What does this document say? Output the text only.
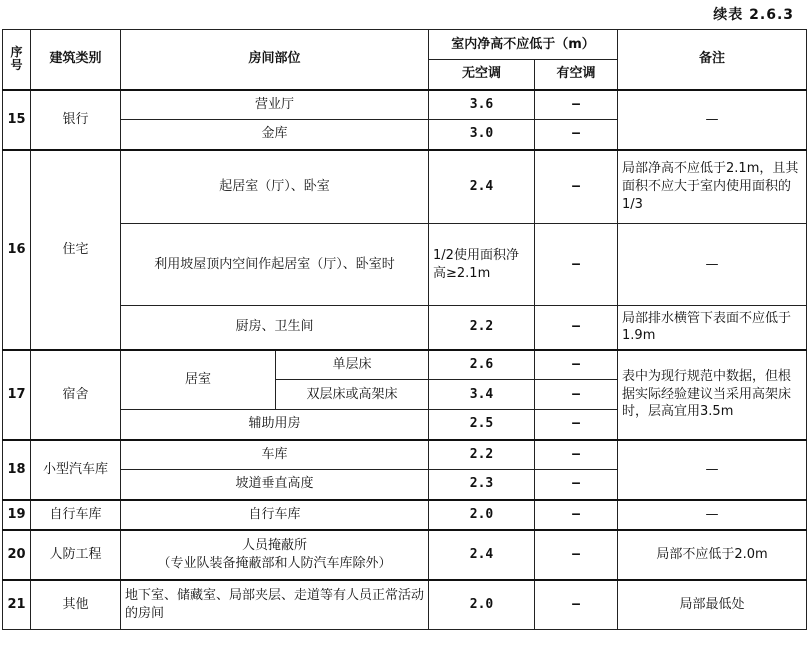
续表 2.6.3
序号	建筑类别	房间部位		室内净高不应低于（m）		备注
				无空调	有空调	
15	银行	营业厅		3.6	—	—
		金库		3.0	—	
16	住宅	起居室（厅）、卧室		2.4	—	局部净高不应低于2.1m，且其面积不应大于室内使用面积的1/3
		利用坡屋顶内空间作起居室（厅）、卧室时		1/2使用面积净高≥2.1m	—	—
		厨房、卫生间		2.2	—	局部排水横管下表面不应低于1.9m
17	宿舍	居室	单层床	2.6	—	表中为现行规范中数据，但根据实际经验建议当采用高架床时，层高宜用3.5m
			双层床或高架床	3.4	—	
		辅助用房		2.5	—	
18	小型汽车库	车库		2.2	—	—
		坡道垂直高度		2.3	—	
19	自行车库	自行车库		2.0	—	—
20	人防工程	人员掩蔽所
（专业队装备掩蔽部和人防汽车库除外）		2.4	—	局部不应低于2.0m
21	其他	地下室、储藏室、局部夹层、走道等有人员正常活动的房间		2.0	—	局部最低处
